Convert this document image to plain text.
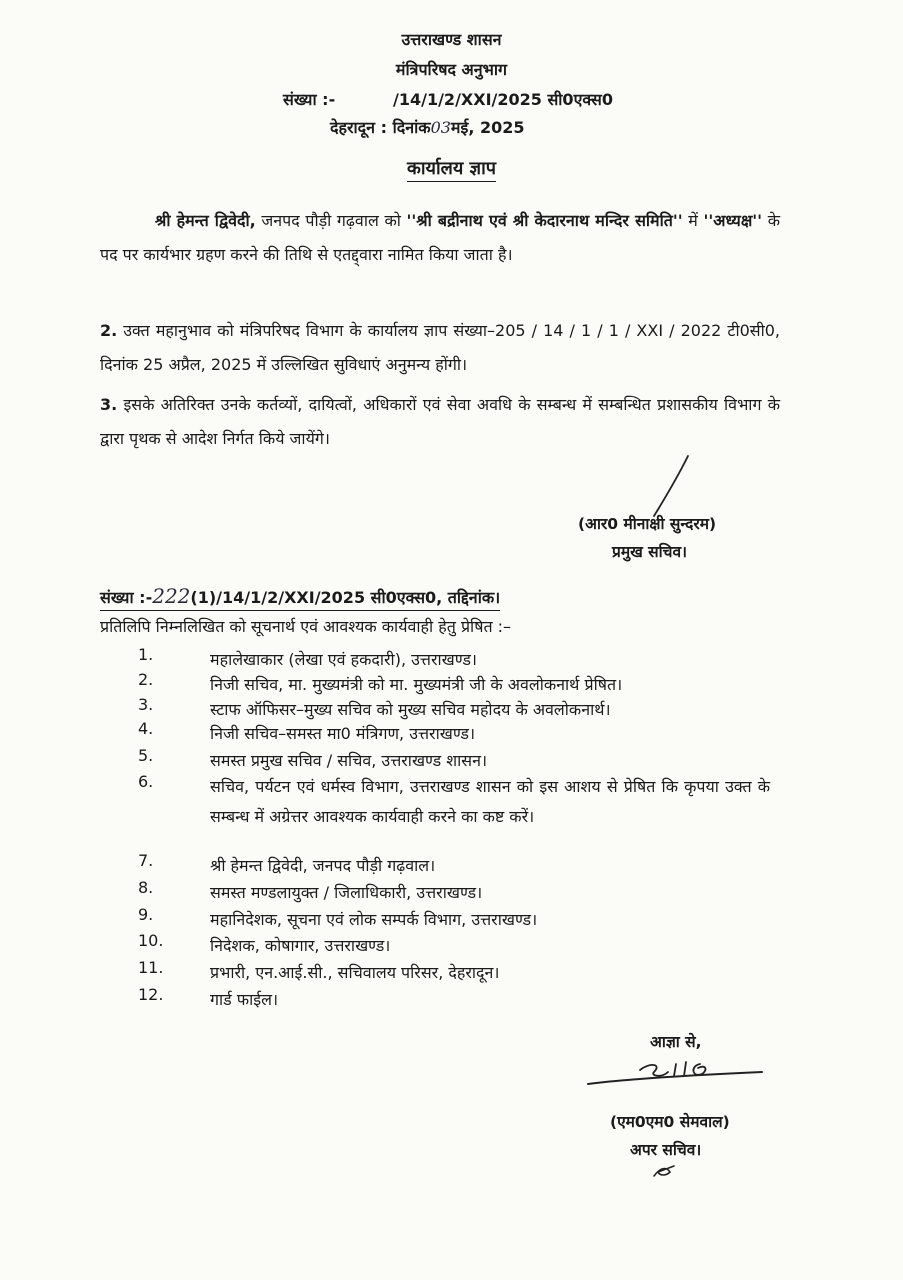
उत्तराखण्ड शासन
मंत्रिपरिषद अनुभाग
संख्या :-	/14/1/2/XXI/2025 सी0एक्स0
देहरादून : दिनांक03मई, 2025
कार्यालय ज्ञाप
श्री हेमन्त द्विवेदी, जनपद पौड़ी गढ़वाल को ''श्री बद्रीनाथ एवं श्री केदारनाथ मन्दिर समिति'' में ''अध्यक्ष'' के पद पर कार्यभार ग्रहण करने की तिथि से एतद्द्वारा नामित किया जाता है।
2. उक्त महानुभाव को मंत्रिपरिषद विभाग के कार्यालय ज्ञाप संख्या–205 / 14 / 1 / 1 / XXI / 2022 टी0सी0, दिनांक 25 अप्रैल, 2025 में उल्लिखित सुविधाएं अनुमन्य होंगी।
3. इसके अतिरिक्त उनके कर्तव्यों, दायित्वों, अधिकारों एवं सेवा अवधि के सम्बन्ध में सम्बन्धित प्रशासकीय विभाग के द्वारा पृथक से आदेश निर्गत किये जायेंगे।
(आर0 मीनाक्षी सुन्दरम)
प्रमुख सचिव।
संख्या :-222(1)/14/1/2/XXI/2025 सी0एक्स0, तद्दिनांक।
प्रतिलिपि निम्नलिखित को सूचनार्थ एवं आवश्यक कार्यवाही हेतु प्रेषित :–
1.	महालेखाकार (लेखा एवं हकदारी), उत्तराखण्ड।
2.	निजी सचिव, मा. मुख्यमंत्री को मा. मुख्यमंत्री जी के अवलोकनार्थ प्रेषित।
3.	स्टाफ ऑफिसर–मुख्य सचिव को मुख्य सचिव महोदय के अवलोकनार्थ।
4.	निजी सचिव–समस्त मा0 मंत्रिगण, उत्तराखण्ड।
5.	समस्त प्रमुख सचिव / सचिव, उत्तराखण्ड शासन।
6.	सचिव, पर्यटन एवं धर्मस्व विभाग, उत्तराखण्ड शासन को इस आशय से प्रेषित कि कृपया उक्त के सम्बन्ध में अग्रेत्तर आवश्यक कार्यवाही करने का कष्ट करें।
7.	श्री हेमन्त द्विवेदी, जनपद पौड़ी गढ़वाल।
8.	समस्त मण्डलायुक्त / जिलाधिकारी, उत्तराखण्ड।
9.	महानिदेशक, सूचना एवं लोक सम्पर्क विभाग, उत्तराखण्ड।
10.	निदेशक, कोषागार, उत्तराखण्ड।
11.	प्रभारी, एन.आई.सी., सचिवालय परिसर, देहरादून।
12.	गार्ड फाईल।
आज्ञा से,
(एम0एम0 सेमवाल)
अपर सचिव।
